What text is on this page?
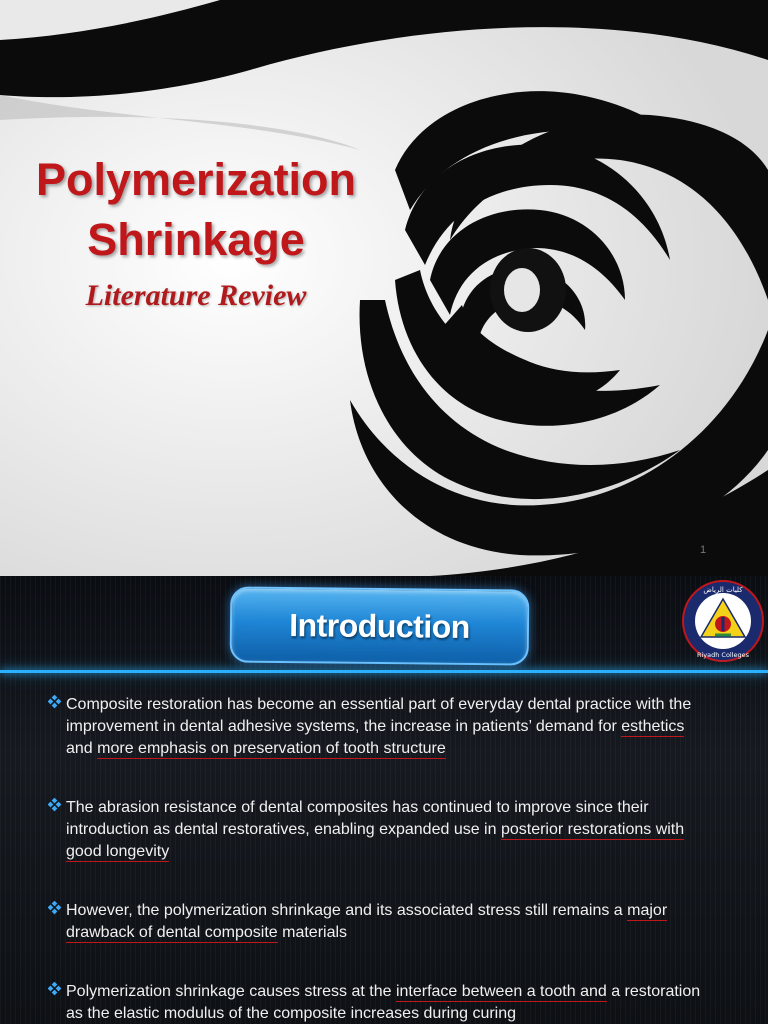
Polymerization
Shrinkage
Literature Review
1
Introduction
كليات الرياض
Riyadh Colleges
Composite restoration has become an essential part of everyday dental practice with the improvement in dental adhesive systems, the increase in patients’ demand for esthetics and more emphasis on preservation of tooth structure
The abrasion resistance of dental composites has continued to improve since their introduction as dental restoratives, enabling expanded use in posterior restorations with good longevity
However, the polymerization shrinkage and its associated stress still remains a major drawback of dental composite materials
Polymerization shrinkage causes stress at the interface between a tooth and a restoration as the elastic modulus of the composite increases during curing
